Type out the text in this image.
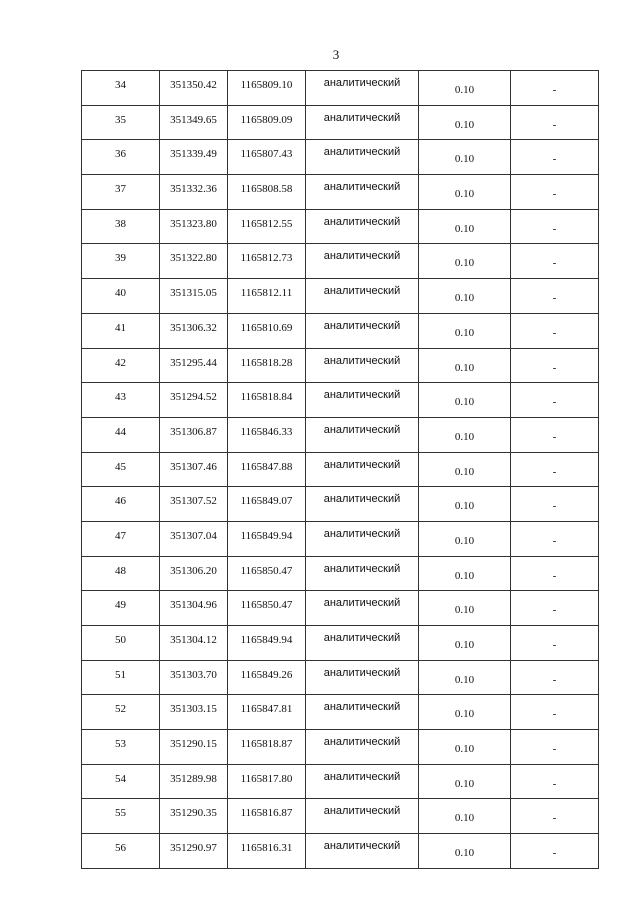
3
34	351350.42	1165809.10	аналитический	0.10	-

35	351349.65	1165809.09	аналитический	0.10	-

36	351339.49	1165807.43	аналитический	0.10	-

37	351332.36	1165808.58	аналитический	0.10	-

38	351323.80	1165812.55	аналитический	0.10	-

39	351322.80	1165812.73	аналитический	0.10	-

40	351315.05	1165812.11	аналитический	0.10	-

41	351306.32	1165810.69	аналитический	0.10	-

42	351295.44	1165818.28	аналитический	0.10	-

43	351294.52	1165818.84	аналитический	0.10	-

44	351306.87	1165846.33	аналитический	0.10	-

45	351307.46	1165847.88	аналитический	0.10	-

46	351307.52	1165849.07	аналитический	0.10	-

47	351307.04	1165849.94	аналитический	0.10	-

48	351306.20	1165850.47	аналитический	0.10	-

49	351304.96	1165850.47	аналитический	0.10	-

50	351304.12	1165849.94	аналитический	0.10	-

51	351303.70	1165849.26	аналитический	0.10	-

52	351303.15	1165847.81	аналитический	0.10	-

53	351290.15	1165818.87	аналитический	0.10	-

54	351289.98	1165817.80	аналитический	0.10	-

55	351290.35	1165816.87	аналитический	0.10	-

56	351290.97	1165816.31	аналитический	0.10	-
